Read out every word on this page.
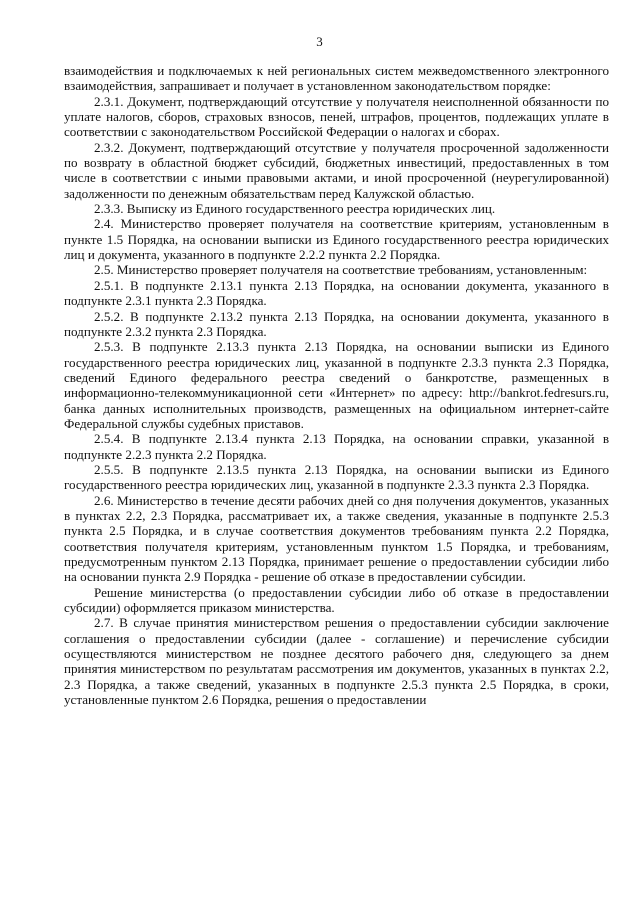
3

взаимодействия и подключаемых к ней региональных систем межведомственного электронного взаимодействия, запрашивает и получает в установленном законодательством порядке:

2.3.1. Документ, подтверждающий отсутствие у получателя неисполненной обязанности по уплате налогов, сборов, страховых взносов, пеней, штрафов, процентов, подлежащих уплате в соответствии с законодательством Российской Федерации о налогах и сборах.

2.3.2. Документ, подтверждающий отсутствие у получателя просроченной задолженности по возврату в областной бюджет субсидий, бюджетных инвестиций, предоставленных в том числе в соответствии с иными правовыми актами, и иной просроченной (неурегулированной) задолженности по денежным обязательствам перед Калужской областью.

2.3.3. Выписку из Единого государственного реестра юридических лиц.

2.4. Министерство проверяет получателя на соответствие критериям, установленным в пункте 1.5 Порядка, на основании выписки из Единого государственного реестра юридических лиц и документа, указанного в подпункте 2.2.2 пункта 2.2 Порядка.

2.5. Министерство проверяет получателя на соответствие требованиям, установленным:

2.5.1. В подпункте 2.13.1 пункта 2.13 Порядка, на основании документа, указанного в подпункте 2.3.1 пункта 2.3 Порядка.

2.5.2. В подпункте 2.13.2 пункта 2.13 Порядка, на основании документа, указанного в подпункте 2.3.2 пункта 2.3 Порядка.

2.5.3. В подпункте 2.13.3 пункта 2.13 Порядка, на основании выписки из Единого государственного реестра юридических лиц, указанной в подпункте 2.3.3 пункта 2.3 Порядка, сведений Единого федерального реестра сведений о банкротстве, размещенных в информационно-телекоммуникационной сети «Интернет» по адресу: http://bankrot.fedresurs.ru, банка данных исполнительных производств, размещенных на официальном интернет-сайте Федеральной службы судебных приставов.

2.5.4. В подпункте 2.13.4 пункта 2.13 Порядка, на основании справки, указанной в подпункте 2.2.3 пункта 2.2 Порядка.

2.5.5. В подпункте 2.13.5 пункта 2.13 Порядка, на основании выписки из Единого государственного реестра юридических лиц, указанной в подпункте 2.3.3 пункта 2.3 Порядка.

2.6. Министерство в течение десяти рабочих дней со дня получения документов, указанных в пунктах 2.2, 2.3 Порядка, рассматривает их, а также сведения, указанные в подпункте 2.5.3 пункта 2.5 Порядка, и в случае соответствия документов требованиям пункта 2.2 Порядка, соответствия получателя критериям, установленным пунктом 1.5 Порядка, и требованиям, предусмотренным пунктом 2.13 Порядка, принимает решение о предоставлении субсидии либо на основании пункта 2.9 Порядка - решение об отказе в предоставлении субсидии.

Решение министерства (о предоставлении субсидии либо об отказе в предоставлении субсидии) оформляется приказом министерства.

2.7. В случае принятия министерством решения о предоставлении субсидии заключение соглашения о предоставлении субсидии (далее - соглашение) и перечисление субсидии осуществляются министерством не позднее десятого рабочего дня, следующего за днем принятия министерством по результатам рассмотрения им документов, указанных в пунктах 2.2, 2.3 Порядка, а также сведений, указанных в подпункте 2.5.3 пункта 2.5 Порядка, в сроки, установленные пунктом 2.6 Порядка, решения о предоставлении
